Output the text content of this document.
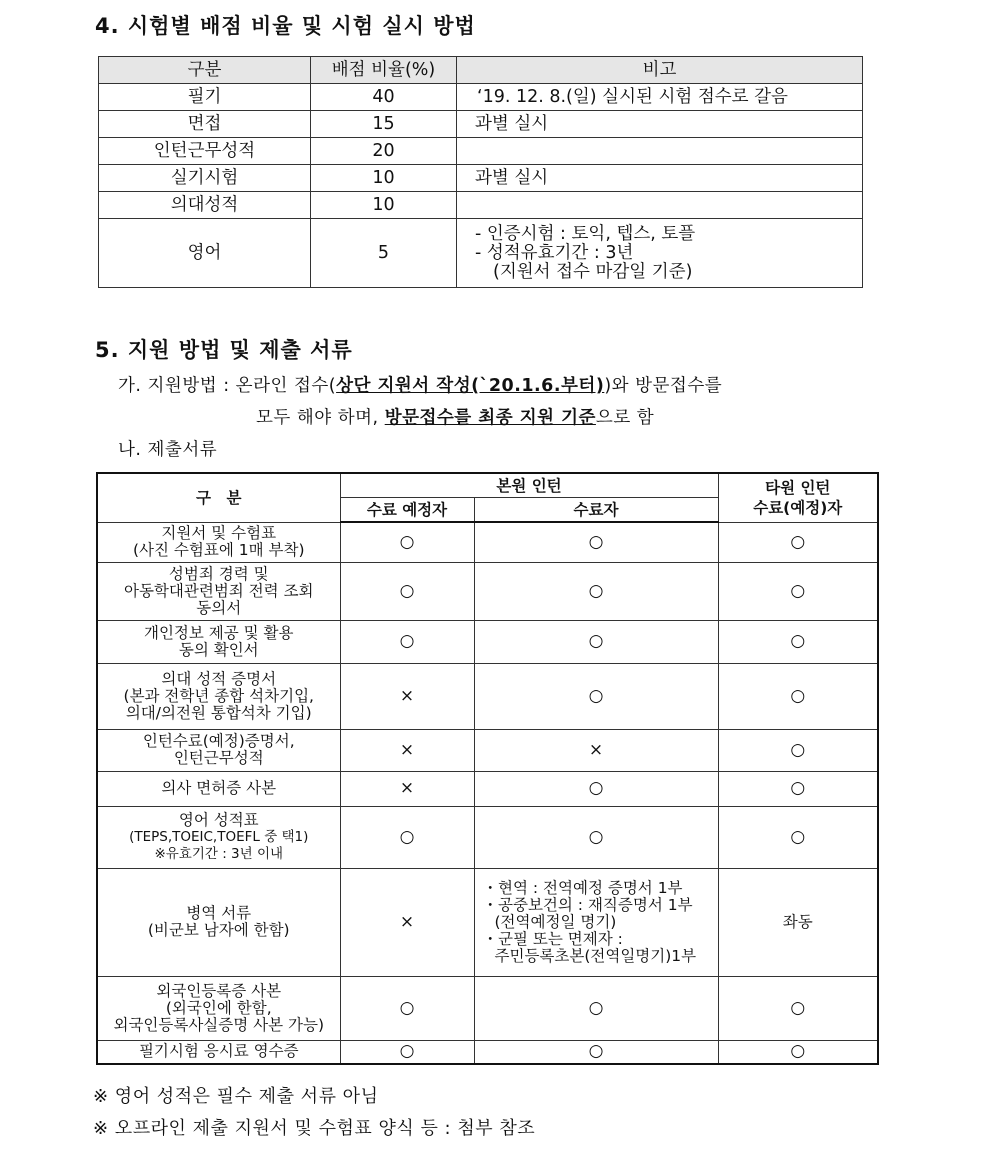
4. 시험별 배점 비율 및 시험 실시 방법
구분	배점 비율(%)	비고
필기	40	‘19. 12. 8.(일) 실시된 시험 점수로 갈음
면접	15	과별 실시
인턴근무성적	20	
실기시험	10	과별 실시
의대성적	10	
영어	5	- 인증시험 : 토익, 텝스, 토플
- 성적유효기간 : 3년
(지원서 접수 마감일 기준)
5. 지원 방법 및 제출 서류

가. 지원방법 : 온라인 접수(상단 지원서 작성(`20.1.6.부터))와 방문접수를

모두 해야 하며, 방문접수를 최종 지원 기준으로 함

나. 제출서류

구　분	본원 인턴		타원 인턴
수료(예정)자

	수료 예정자	수료자	

지원서 및 수험표
(사진 수험표에 1매 부착)	○	○	○

성범죄 경력 및
아동학대관련범죄 전력 조회
동의서	○	○	○

개인정보 제공 및 활용
동의 확인서	○	○	○

의대 성적 증명서
(본과 전학년 종합 석차기입,
의대/의전원 통합석차 기입)	×	○	○

인턴수료(예정)증명서,
인턴근무성적	×	×	○

의사 면허증 사본	×	○	○

영어 성적표
(TEPS,TOEIC,TOEFL 중 택1)
※유효기간 : 3년 이내	○	○	○

병역 서류
(비군보 남자에 한함)	×	・현역 : 전역예정 증명서 1부
・공중보건의 : 재직증명서 1부
(전역예정일 명기)
・군필 또는 면제자 :
주민등록초본(전역일명기)1부	좌동

외국인등록증 사본
(외국인에 한함,
외국인등록사실증명 사본 가능)	○	○	○

필기시험 응시료 영수증	○	○	○

※ 영어 성적은 필수 제출 서류 아님

※ 오프라인 제출 지원서 및 수험표 양식 등 : 첨부 참조
